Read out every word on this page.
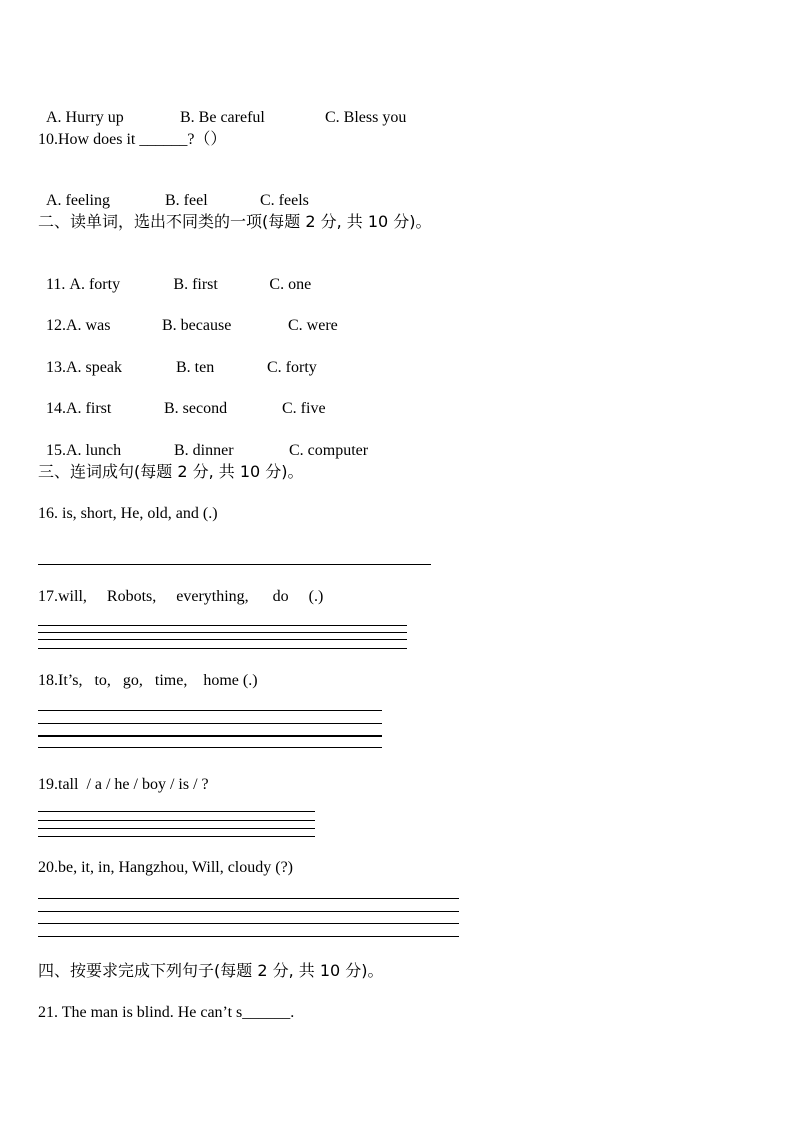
A. Hurry up	B. Be careful	C. Bless you

10.How does it ______?（）

A. feeling	B. feel	C. feels

二、读单词，选出不同类的一项(每题 2 分, 共 10 分)。

11. A. forty	B. first	C. one

12.A. was	B. because	C. were

13.A. speak	B. ten	C. forty

14.A. first	B. second	C. five

15.A. lunch	B. dinner	C. computer

三、连词成句(每题 2 分, 共 10 分)。
16. is, short, He, old, and (.)
17.will,     Robots,     everything,      do     (.)
18.It’s,   to,   go,   time,    home (.)
19.tall  / a / he / boy / is / ?
20.be, it, in, Hangzhou, Will, cloudy (?)
四、按要求完成下列句子(每题 2 分, 共 10 分)。
21. The man is blind. He can’t s______.
